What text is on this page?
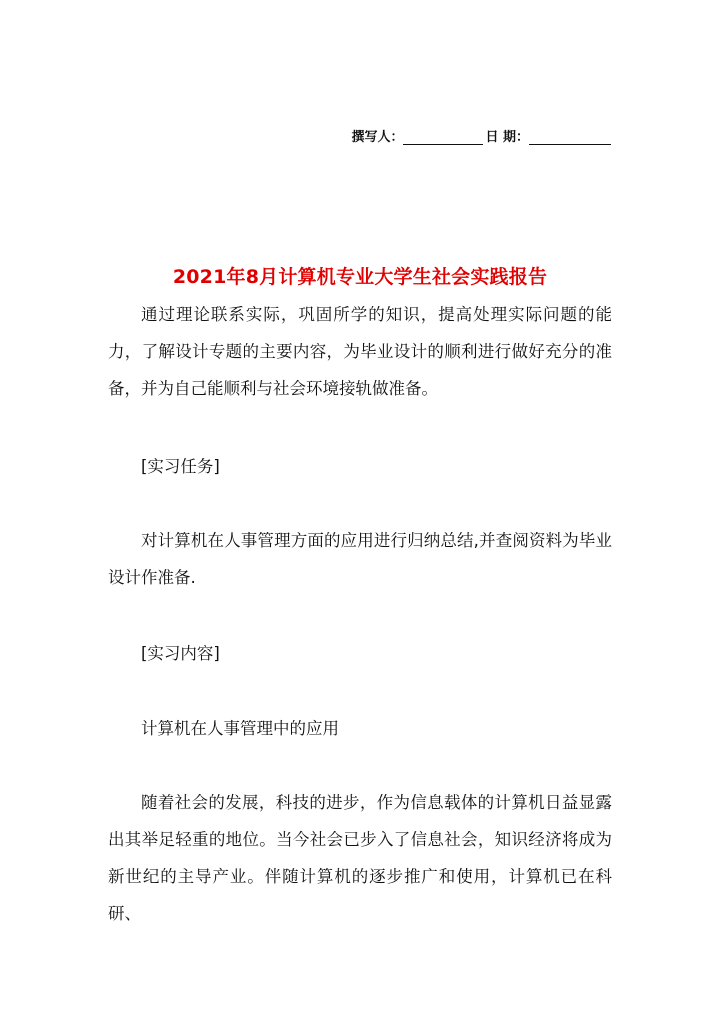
撰写人：	日 期：
2021年8月计算机专业大学生社会实践报告

通过理论联系实际，巩固所学的知识，提高处理实际问题的能力，了解设计专题的主要内容，为毕业设计的顺利进行做好充分的准备，并为自己能顺利与社会环境接轨做准备。

[实习任务]

对计算机在人事管理方面的应用进行归纳总结,并查阅资料为毕业设计作准备.

[实习内容]

计算机在人事管理中的应用

随着社会的发展，科技的进步，作为信息载体的计算机日益显露出其举足轻重的地位。当今社会已步入了信息社会，知识经济将成为新世纪的主导产业。伴随计算机的逐步推广和使用，计算机已在科研、
